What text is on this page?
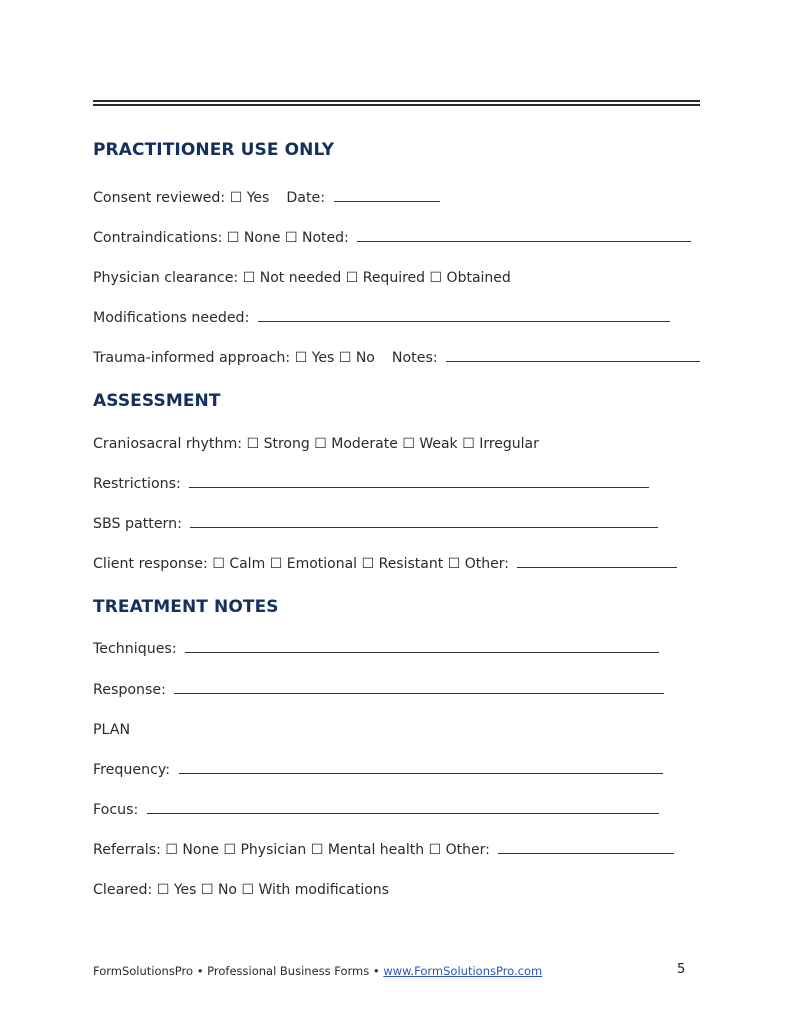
PRACTITIONER USE ONLY
Consent reviewed: ☐ Yes Date:
Contraindications: ☐ None ☐ Noted:
Physician clearance: ☐ Not needed ☐ Required ☐ Obtained
Modifications needed:
Trauma-informed approach: ☐ Yes ☐ No Notes:
ASSESSMENT
Craniosacral rhythm: ☐ Strong ☐ Moderate ☐ Weak ☐ Irregular
Restrictions:
SBS pattern:
Client response: ☐ Calm ☐ Emotional ☐ Resistant ☐ Other:
TREATMENT NOTES
Techniques:
Response:
PLAN
Frequency:
Focus:
Referrals: ☐ None ☐ Physician ☐ Mental health ☐ Other:
Cleared: ☐ Yes ☐ No ☐ With modifications
FormSolutionsPro • Professional Business Forms • www.FormSolutionsPro.com	5
